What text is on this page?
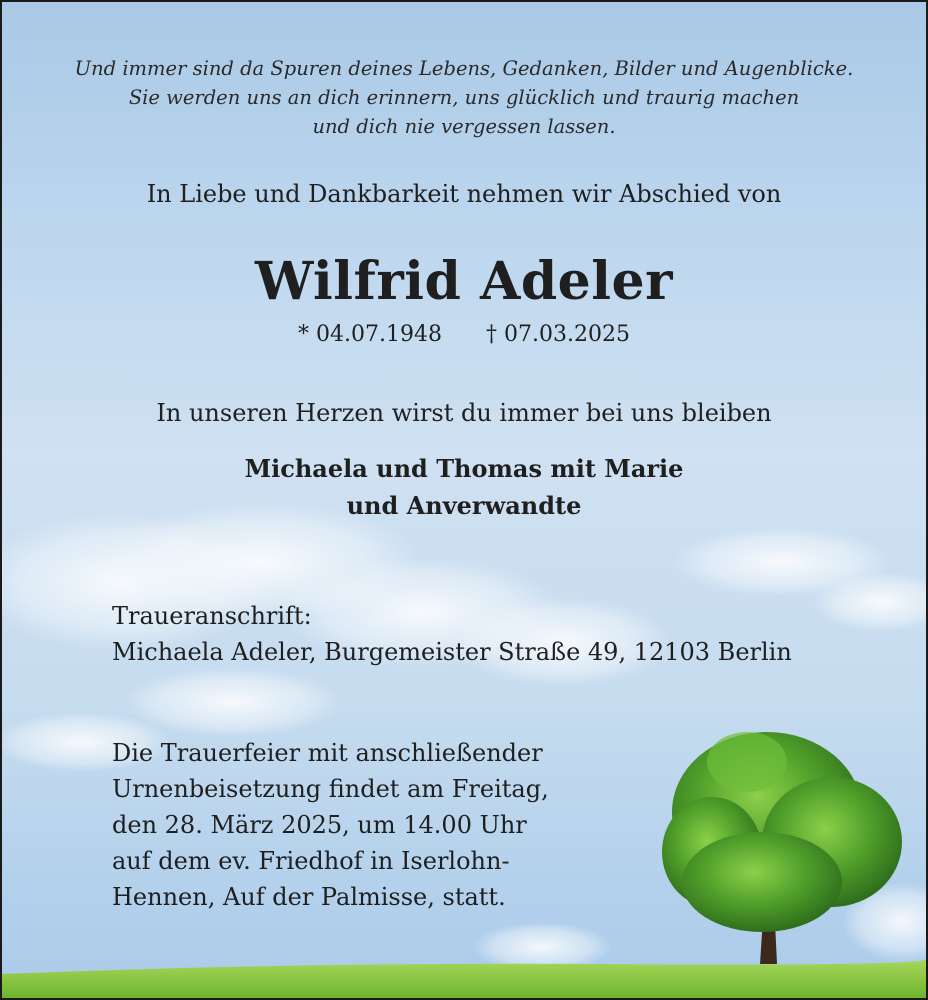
Und immer sind da Spuren deines Lebens, Gedanken, Bilder und Augenblicke.
Sie werden uns an dich erinnern, uns glücklich und traurig machen
und dich nie vergessen lassen.
In Liebe und Dankbarkeit nehmen wir Abschied von
Wilfrid Adeler
* 04.07.1948 † 07.03.2025
In unseren Herzen wirst du immer bei uns bleiben
Michaela und Thomas mit Marie
und Anverwandte
Traueranschrift:
Michaela Adeler, Burgemeister Straße 49, 12103 Berlin
Die Trauerfeier mit anschließender
Urnenbeisetzung findet am Freitag,
den 28. März 2025, um 14.00 Uhr
auf dem ev. Friedhof in Iserlohn-
Hennen, Auf der Palmisse, statt.
